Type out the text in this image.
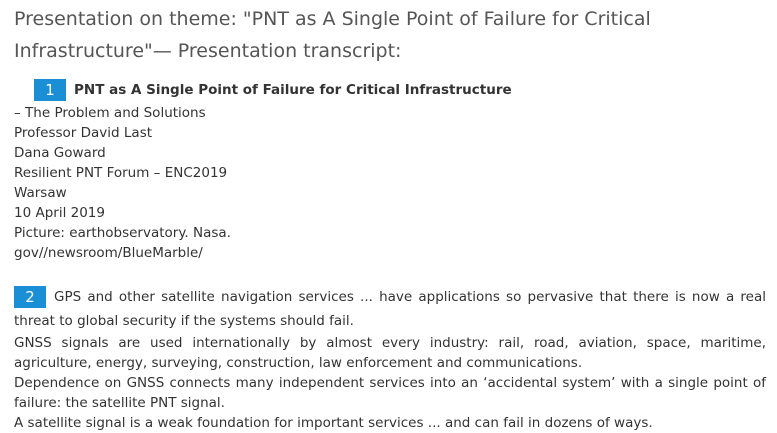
Presentation on theme: "PNT as A Single Point of Failure for Critical Infrastructure"— Presentation transcript:
1 PNT as A Single Point of Failure for Critical Infrastructure
– The Problem and Solutions
Professor David Last
Dana Goward
Resilient PNT Forum – ENC2019
Warsaw
10 April 2019
Picture: earthobservatory. Nasa.
gov//newsroom/BlueMarble/
2 GPS and other satellite navigation services ... have applications so pervasive that there is now a real threat to global security if the systems should fail.
GNSS signals are used internationally by almost every industry: rail, road, aviation, space, maritime, agriculture, energy, surveying, construction, law enforcement and communications.
Dependence on GNSS connects many independent services into an ‘accidental system’ with a single point of failure: the satellite PNT signal.
A satellite signal is a weak foundation for important services ... and can fail in dozens of ways.
